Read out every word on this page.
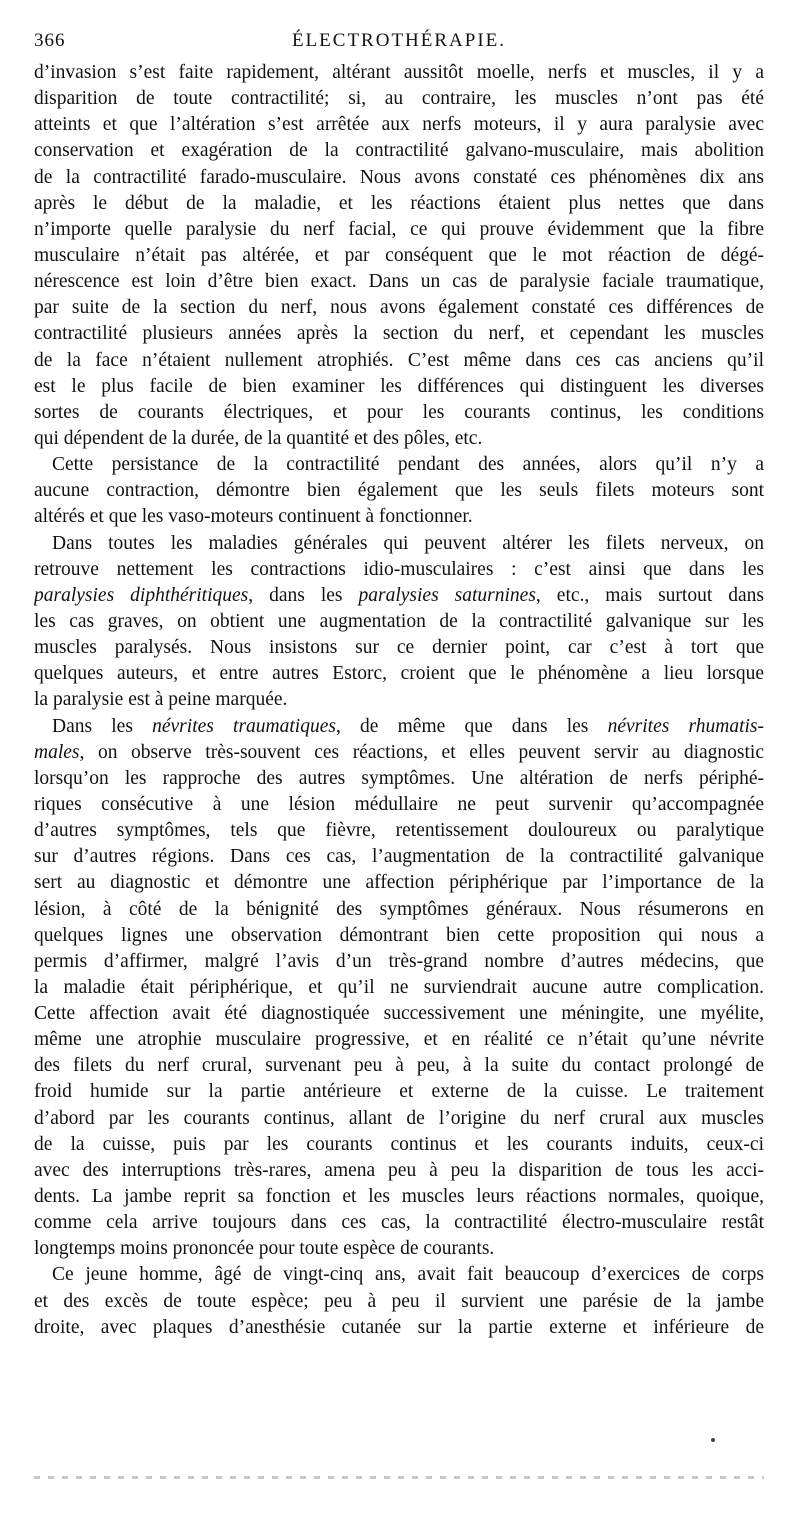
366	ÉLECTROTHÉRAPIE.
d’invasion s’est faite rapidement, altérant aussitôt moelle, nerfs et muscles, il y a
disparition de toute contractilité; si, au contraire, les muscles n’ont pas été
atteints et que l’altération s’est arrêtée aux nerfs moteurs, il y aura paralysie avec
conservation et exagération de la contractilité galvano-musculaire, mais abolition
de la contractilité farado-musculaire. Nous avons constaté ces phénomènes dix ans
après le début de la maladie, et les réactions étaient plus nettes que dans
n’importe quelle paralysie du nerf facial, ce qui prouve évidemment que la fibre
musculaire n’était pas altérée, et par conséquent que le mot réaction de dégé-
nérescence est loin d’être bien exact. Dans un cas de paralysie faciale traumatique,
par suite de la section du nerf, nous avons également constaté ces différences de
contractilité plusieurs années après la section du nerf, et cependant les muscles
de la face n’étaient nullement atrophiés. C’est même dans ces cas anciens qu’il
est le plus facile de bien examiner les différences qui distinguent les diverses
sortes de courants électriques, et pour les courants continus, les conditions
qui dépendent de la durée, de la quantité et des pôles, etc.
Cette persistance de la contractilité pendant des années, alors qu’il n’y a
aucune contraction, démontre bien également que les seuls filets moteurs sont
altérés et que les vaso-moteurs continuent à fonctionner.
Dans toutes les maladies générales qui peuvent altérer les filets nerveux, on
retrouve nettement les contractions idio-musculaires : c’est ainsi que dans les
paralysies diphthéritiques, dans les paralysies saturnines, etc., mais surtout dans
les cas graves, on obtient une augmentation de la contractilité galvanique sur les
muscles paralysés. Nous insistons sur ce dernier point, car c’est à tort que
quelques auteurs, et entre autres Estorc, croient que le phénomène a lieu lorsque
la paralysie est à peine marquée.
Dans les névrites traumatiques, de même que dans les névrites rhumatis-
males, on observe très-souvent ces réactions, et elles peuvent servir au diagnostic
lorsqu’on les rapproche des autres symptômes. Une altération de nerfs périphé-
riques consécutive à une lésion médullaire ne peut survenir qu’accompagnée
d’autres symptômes, tels que fièvre, retentissement douloureux ou paralytique
sur d’autres régions. Dans ces cas, l’augmentation de la contractilité galvanique
sert au diagnostic et démontre une affection périphérique par l’importance de la
lésion, à côté de la bénignité des symptômes généraux. Nous résumerons en
quelques lignes une observation démontrant bien cette proposition qui nous a
permis d’affirmer, malgré l’avis d’un très-grand nombre d’autres médecins, que
la maladie était périphérique, et qu’il ne surviendrait aucune autre complication.
Cette affection avait été diagnostiquée successivement une méningite, une myélite,
même une atrophie musculaire progressive, et en réalité ce n’était qu’une névrite
des filets du nerf crural, survenant peu à peu, à la suite du contact prolongé de
froid humide sur la partie antérieure et externe de la cuisse. Le traitement
d’abord par les courants continus, allant de l’origine du nerf crural aux muscles
de la cuisse, puis par les courants continus et les courants induits, ceux-ci
avec des interruptions très-rares, amena peu à peu la disparition de tous les acci-
dents. La jambe reprit sa fonction et les muscles leurs réactions normales, quoique,
comme cela arrive toujours dans ces cas, la contractilité électro-musculaire restât
longtemps moins prononcée pour toute espèce de courants.
Ce jeune homme, âgé de vingt-cinq ans, avait fait beaucoup d’exercices de corps
et des excès de toute espèce; peu à peu il survient une parésie de la jambe
droite, avec plaques d’anesthésie cutanée sur la partie externe et inférieure de
